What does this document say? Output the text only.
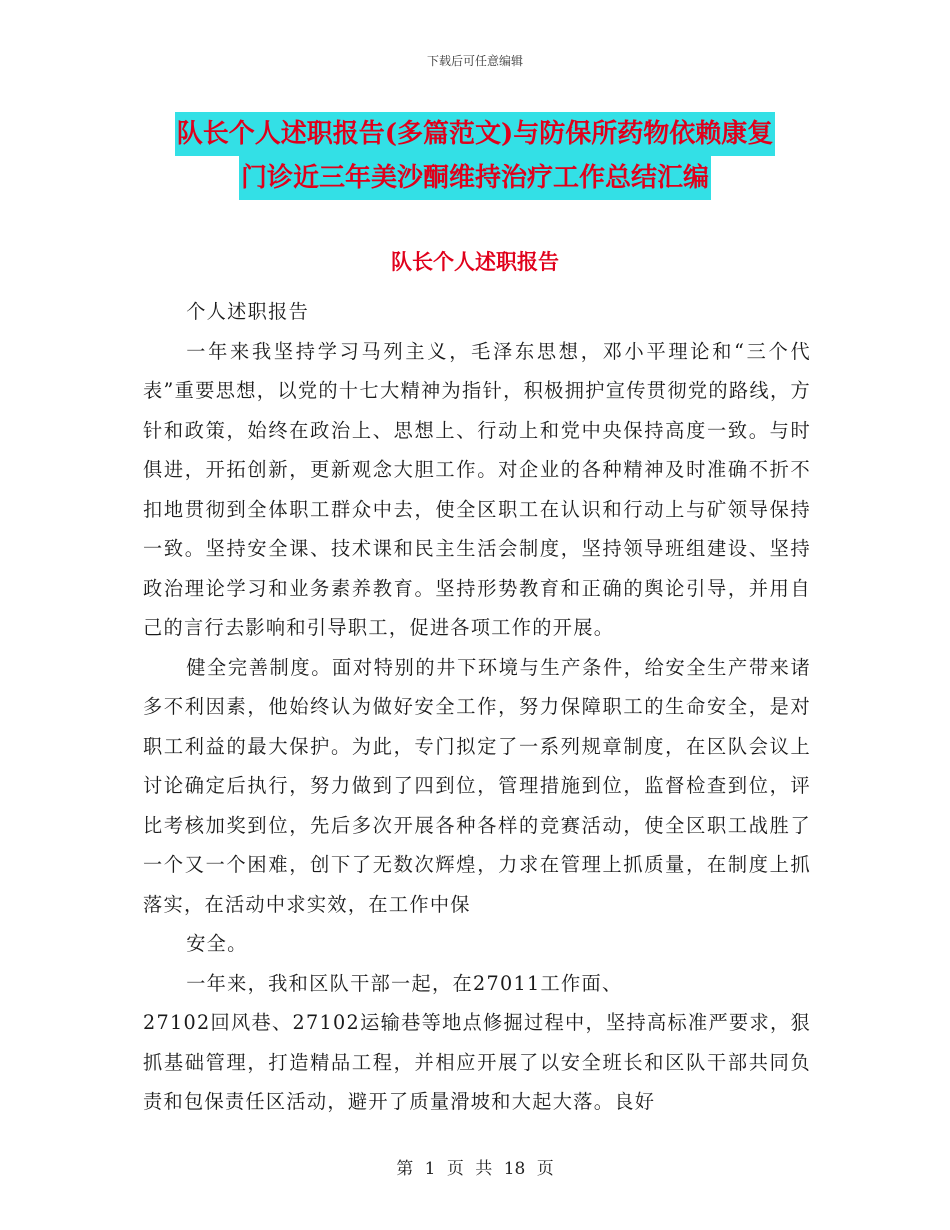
下载后可任意编辑
队长个人述职报告(多篇范文)与防保所药物依赖康复
门诊近三年美沙酮维持治疗工作总结汇编
队长个人述职报告

个人述职报告

一年来我坚持学习马列主义，毛泽东思想，邓小平理论和“三个代表”重要思想，以党的十七大精神为指针，积极拥护宣传贯彻党的路线，方针和政策，始终在政治上、思想上、行动上和党中央保持高度一致。与时俱进，开拓创新，更新观念大胆工作。对企业的各种精神及时准确不折不扣地贯彻到全体职工群众中去，使全区职工在认识和行动上与矿领导保持一致。坚持安全课、技术课和民主生活会制度，坚持领导班组建设、坚持政治理论学习和业务素养教育。坚持形势教育和正确的舆论引导，并用自己的言行去影响和引导职工，促进各项工作的开展。

健全完善制度。面对特别的井下环境与生产条件，给安全生产带来诸多不利因素，他始终认为做好安全工作，努力保障职工的生命安全，是对职工利益的最大保护。为此，专门拟定了一系列规章制度，在区队会议上讨论确定后执行，努力做到了四到位，管理措施到位，监督检查到位，评比考核加奖到位，先后多次开展各种各样的竞赛活动，使全区职工战胜了一个又一个困难，创下了无数次辉煌，力求在管理上抓质量，在制度上抓落实，在活动中求实效，在工作中保

安全。

一年来，我和区队干部一起，在27011工作面、

27102回风巷、27102运输巷等地点修掘过程中，坚持高标准严要求，狠抓基础管理，打造精品工程，并相应开展了以安全班长和区队干部共同负责和包保责任区活动，避开了质量滑坡和大起大落。良好

第 1 页 共 18 页
